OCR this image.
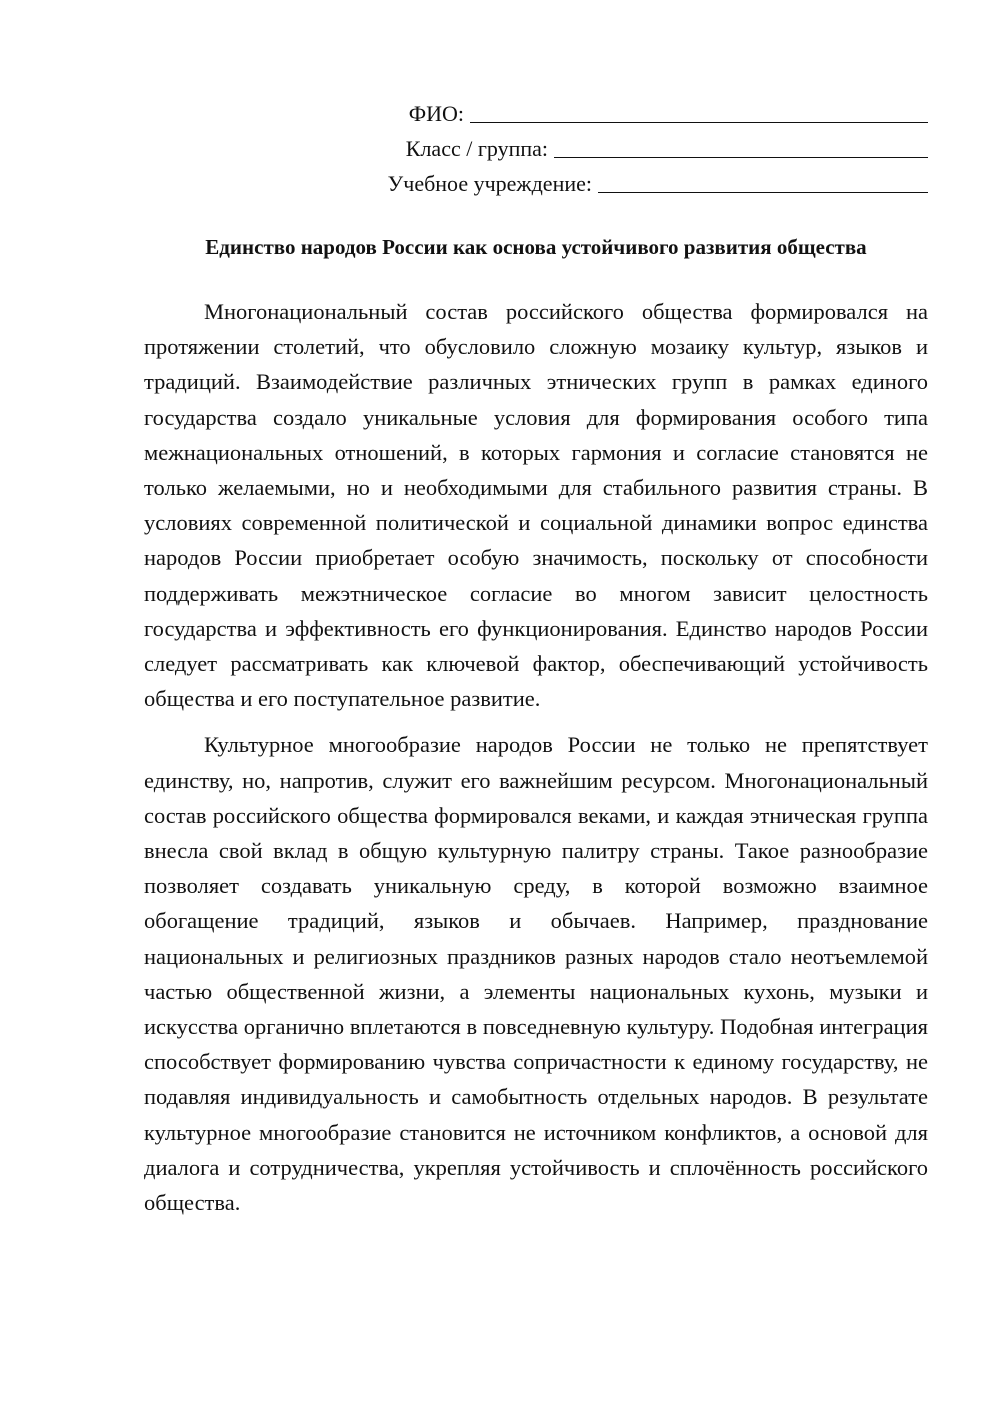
ФИО:
Класс / группа:
Учебное учреждение:
Единство народов России как основа устойчивого развития общества

Многонациональный состав российского общества формировался на протяжении столетий, что обусловило сложную мозаику культур, языков и традиций. Взаимодействие различных этнических групп в рамках единого государства создало уникальные условия для формирования особого типа межнациональных отношений, в которых гармония и согласие становятся не только желаемыми, но и необходимыми для стабильного развития страны. В условиях современной политической и социальной динамики вопрос единства народов России приобретает особую значимость, поскольку от способности поддерживать межэтническое согласие во многом зависит целостность государства и эффективность его функционирования. Единство народов России следует рассматривать как ключевой фактор, обеспечивающий устойчивость общества и его поступательное развитие.

Культурное многообразие народов России не только не препятствует единству, но, напротив, служит его важнейшим ресурсом. Многонациональный состав российского общества формировался веками, и каждая этническая группа внесла свой вклад в общую культурную палитру страны. Такое разнообразие позволяет создавать уникальную среду, в которой возможно взаимное обогащение традиций, языков и обычаев. Например, празднование национальных и религиозных праздников разных народов стало неотъемлемой частью общественной жизни, а элементы национальных кухонь, музыки и искусства органично вплетаются в повседневную культуру. Подобная интеграция способствует формированию чувства сопричастности к единому государству, не подавляя индивидуальность и самобытность отдельных народов. В результате культурное многообразие становится не источником конфликтов, а основой для диалога и сотрудничества, укрепляя устойчивость и сплочённость российского общества.
